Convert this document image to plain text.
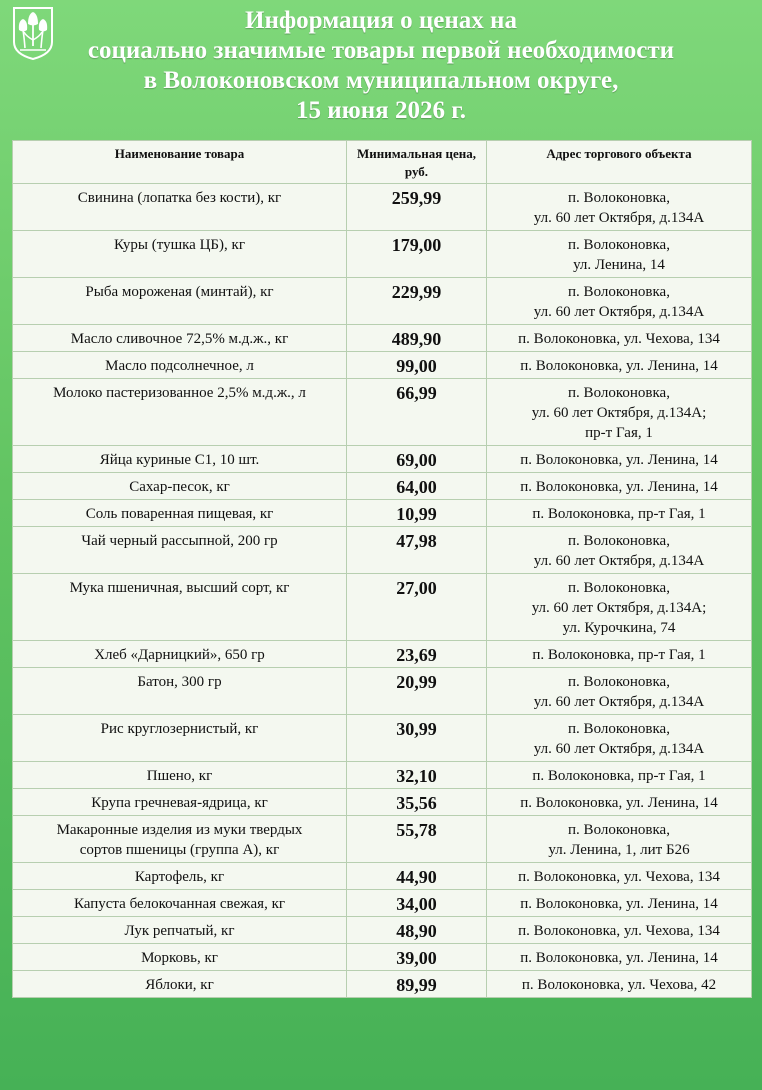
Информация о ценах на
социально значимые товары первой необходимости
в Волоконовском муниципальном округе,
15 июня 2026 г.
Наименование товара	Минимальная цена, руб.	Адрес торгового объекта
Свинина (лопатка без кости), кг	259,99	п. Волоконовка,
ул. 60 лет Октября, д.134А
Куры (тушка ЦБ), кг	179,00	п. Волоконовка,
ул. Ленина, 14
Рыба мороженая (минтай), кг	229,99	п. Волоконовка,
ул. 60 лет Октября, д.134А
Масло сливочное 72,5% м.д.ж., кг	489,90	п. Волоконовка, ул. Чехова, 134
Масло подсолнечное, л	99,00	п. Волоконовка, ул. Ленина, 14
Молоко пастеризованное 2,5% м.д.ж., л	66,99	п. Волоконовка,
ул. 60 лет Октября, д.134А;
пр-т Гая, 1
Яйца куриные С1, 10 шт.	69,00	п. Волоконовка, ул. Ленина, 14
Сахар-песок, кг	64,00	п. Волоконовка, ул. Ленина, 14
Соль поваренная пищевая, кг	10,99	п. Волоконовка, пр-т Гая, 1
Чай черный рассыпной, 200 гр	47,98	п. Волоконовка,
ул. 60 лет Октября, д.134А
Мука пшеничная, высший сорт, кг	27,00	п. Волоконовка,
ул. 60 лет Октября, д.134А;
ул. Курочкина, 74
Хлеб «Дарницкий», 650 гр	23,69	п. Волоконовка, пр-т Гая, 1
Батон, 300 гр	20,99	п. Волоконовка,
ул. 60 лет Октября, д.134А
Рис круглозернистый, кг	30,99	п. Волоконовка,
ул. 60 лет Октября, д.134А
Пшено, кг	32,10	п. Волоконовка, пр-т Гая, 1
Крупа гречневая-ядрица, кг	35,56	п. Волоконовка, ул. Ленина, 14
Макаронные изделия из муки твердых
сортов пшеницы (группа А), кг	55,78	п. Волоконовка,
ул. Ленина, 1, лит Б26
Картофель, кг	44,90	п. Волоконовка, ул. Чехова, 134
Капуста белокочанная свежая, кг	34,00	п. Волоконовка, ул. Ленина, 14
Лук репчатый, кг	48,90	п. Волоконовка, ул. Чехова, 134
Морковь, кг	39,00	п. Волоконовка, ул. Ленина, 14
Яблоки, кг	89,99	п. Волоконовка, ул. Чехова, 42
